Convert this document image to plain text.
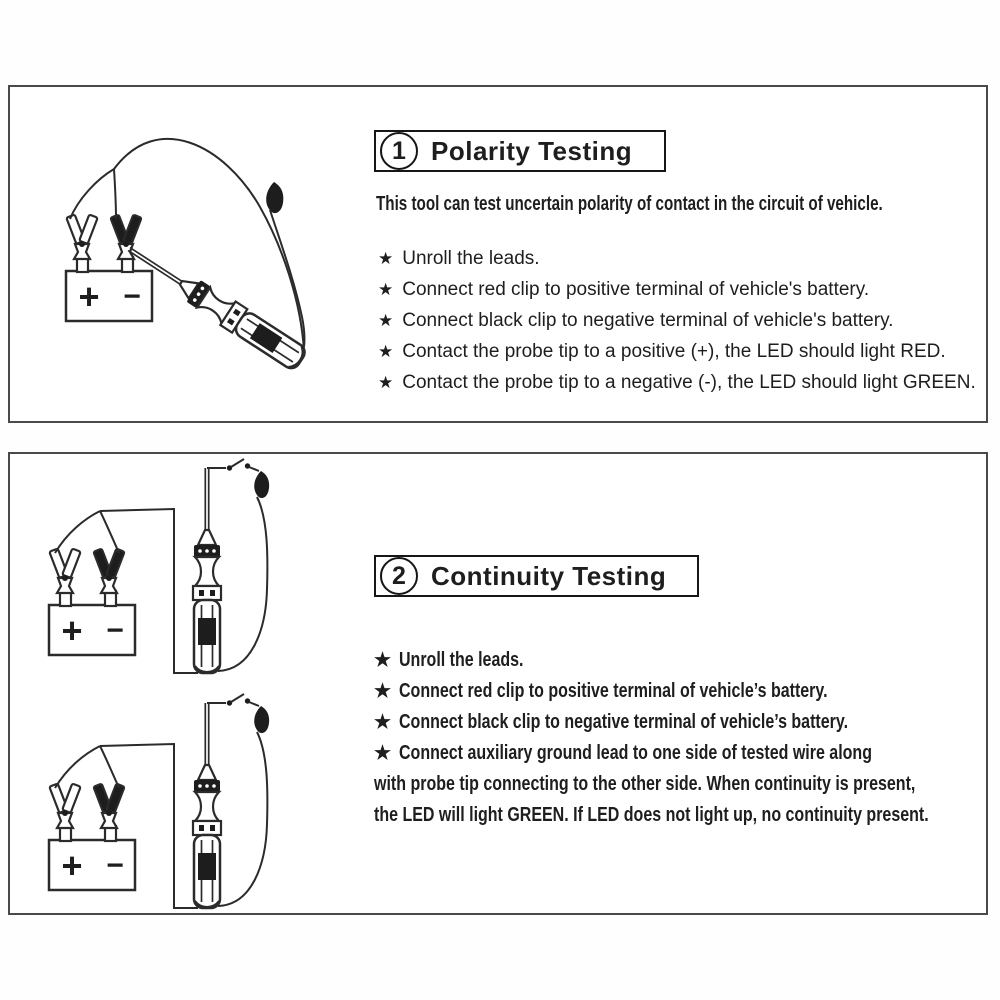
1 Polarity Testing
This tool can test uncertain polarity of contact in the circuit of vehicle.
★ Unroll the leads.
★ Connect red clip to positive terminal of vehicle's battery.
★ Connect black clip to negative terminal of vehicle's battery.
★ Contact the probe tip to a positive (+), the LED should light RED.
★ Contact the probe tip to a negative (-), the LED should light GREEN.
2 Continuity Testing
★ Unroll the leads.
★ Connect red clip to positive terminal of vehicle’s battery.
★ Connect black clip to negative terminal of vehicle’s battery.
★ Connect auxiliary ground lead to one side of tested wire along
with probe tip connecting to the other side. When continuity is present,
the LED will light GREEN. If LED does not light up, no continuity present.
